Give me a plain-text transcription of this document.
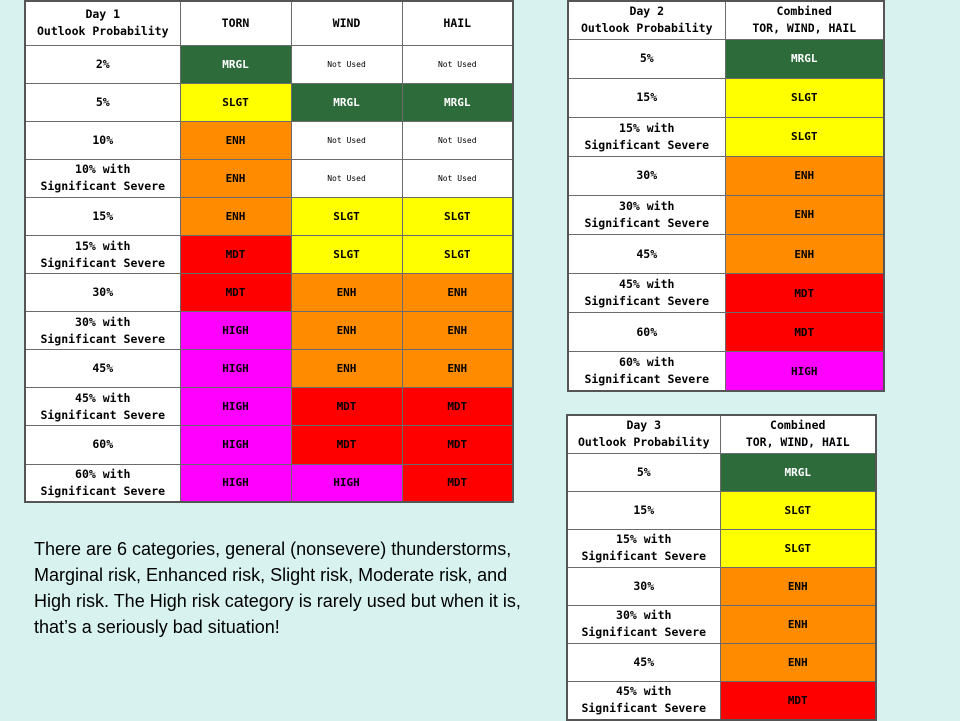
Day 1
Outlook Probability	TORN	WIND	HAIL
2%	MRGL	Not Used	Not Used
5%	SLGT	MRGL	MRGL
10%	ENH	Not Used	Not Used
10% with
Significant Severe	ENH	Not Used	Not Used
15%	ENH	SLGT	SLGT
15% with
Significant Severe	MDT	SLGT	SLGT
30%	MDT	ENH	ENH
30% with
Significant Severe	HIGH	ENH	ENH
45%	HIGH	ENH	ENH
45% with
Significant Severe	HIGH	MDT	MDT
60%	HIGH	MDT	MDT
60% with
Significant Severe	HIGH	HIGH	MDT
Day 2
Outlook Probability	Combined
TOR, WIND, HAIL
5%	MRGL
15%	SLGT
15% with
Significant Severe	SLGT
30%	ENH
30% with
Significant Severe	ENH
45%	ENH
45% with
Significant Severe	MDT
60%	MDT
60% with
Significant Severe	HIGH
Day 3
Outlook Probability	Combined
TOR, WIND, HAIL
5%	MRGL
15%	SLGT
15% with
Significant Severe	SLGT
30%	ENH
30% with
Significant Severe	ENH
45%	ENH
45% with
Significant Severe	MDT

There are 6 categories, general (nonsevere) thunderstorms, Marginal risk, Enhanced risk, Slight risk, Moderate risk, and High risk. The High risk category is rarely used but when it is, that’s a seriously bad situation!
